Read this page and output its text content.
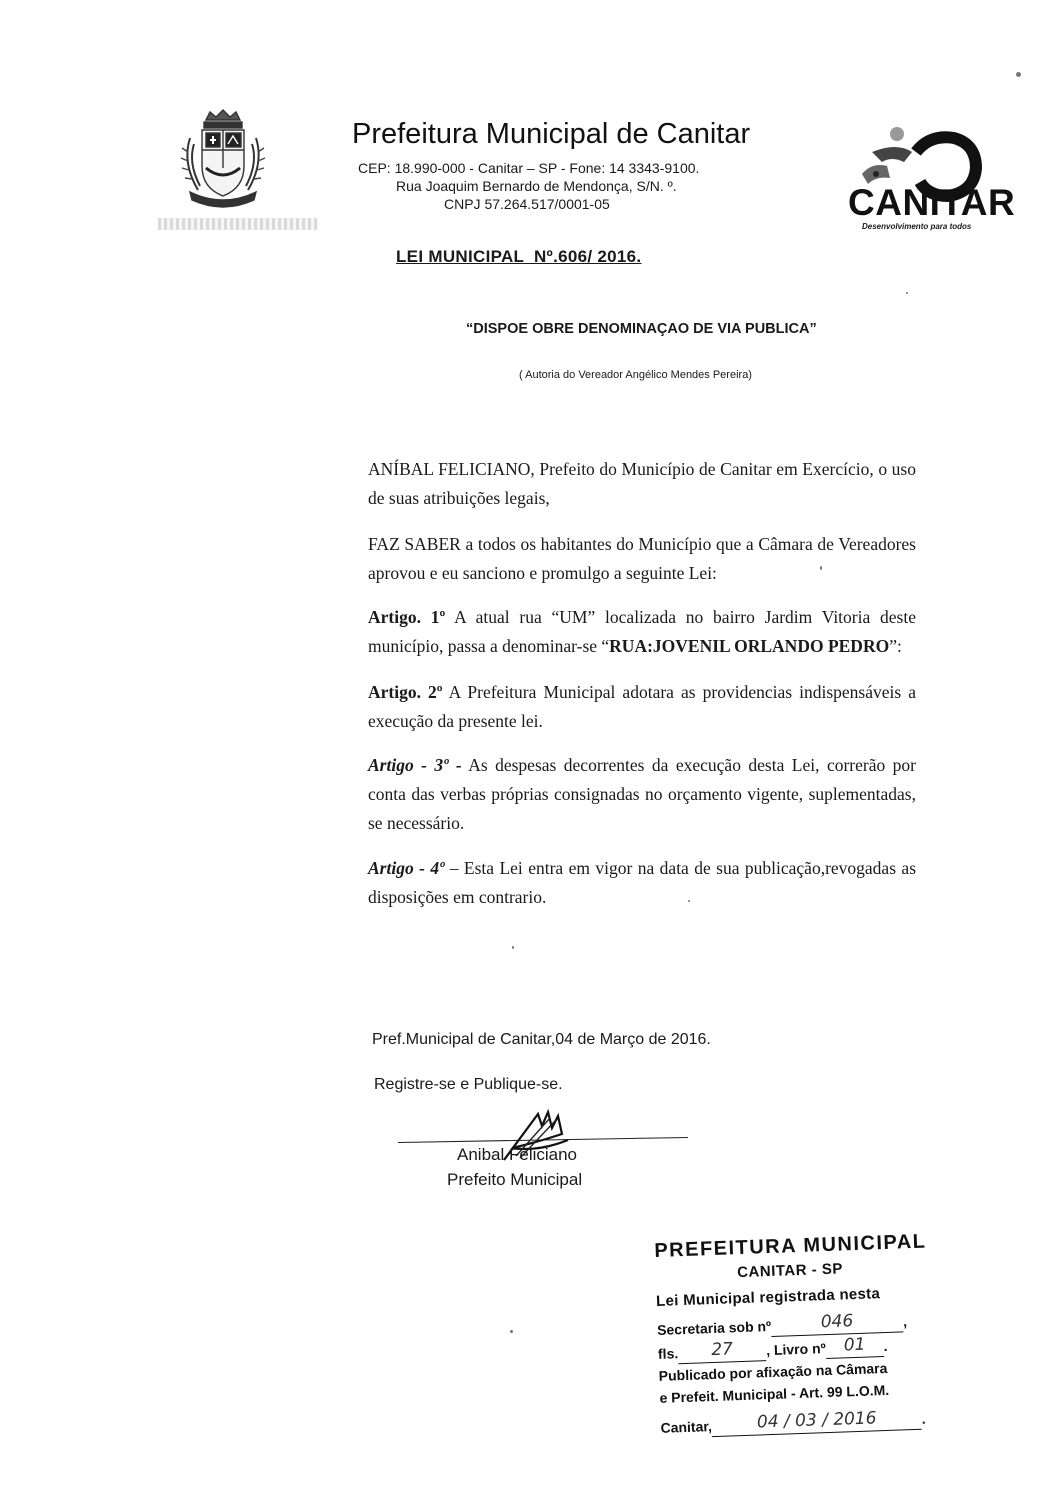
Prefeitura Municipal de Canitar
CEP: 18.990-000 - Canitar – SP - Fone: 14 3343-9100.
Rua Joaquim Bernardo de Mendonça, S/N. º.
CNPJ 57.264.517/0001-05	CANITAR
Desenvolvimento para todos
LEI MUNICIPAL  Nº.606/ 2016.
“DISPOE OBRE DENOMINAÇAO DE VIA PUBLICA”
( Autoria do Vereador Angélico Mendes Pereira)
ANÍBAL FELICIANO, Prefeito do Município de Canitar em Exercício, o uso de suas atribuições legais,
FAZ SABER a todos os habitantes do Município que a Câmara de Vereadores aprovou e eu sanciono e promulgo a seguinte Lei:
Artigo. 1º A atual rua “UM” localizada no bairro Jardim Vitoria deste município, passa a denominar-se “RUA:JOVENIL ORLANDO PEDRO”:
Artigo. 2º A Prefeitura Municipal adotara as providencias indispensáveis a execução da presente lei.
Artigo - 3º - As despesas decorrentes da execução desta Lei, correrão por conta das verbas próprias consignadas no orçamento vigente, suplementadas, se necessário.
Artigo - 4º – Esta Lei entra em vigor na data de sua publicação,revogadas as disposições em contrario.
Pref.Municipal de Canitar,04 de Março de 2016.
Registre-se e Publique-se.
Anibal Feliciano
Prefeito Municipal
PREFEITURA MUNICIPAL
CANITAR - SP
Lei Municipal registrada nesta
Secretaria sob nº	046	,
fls. 27 , Livro nº 01 .
Publicado por afixação na Câmara
e Prefeit. Municipal - Art. 99 L.O.M.
Canitar,	04 / 03 / 2016	.
